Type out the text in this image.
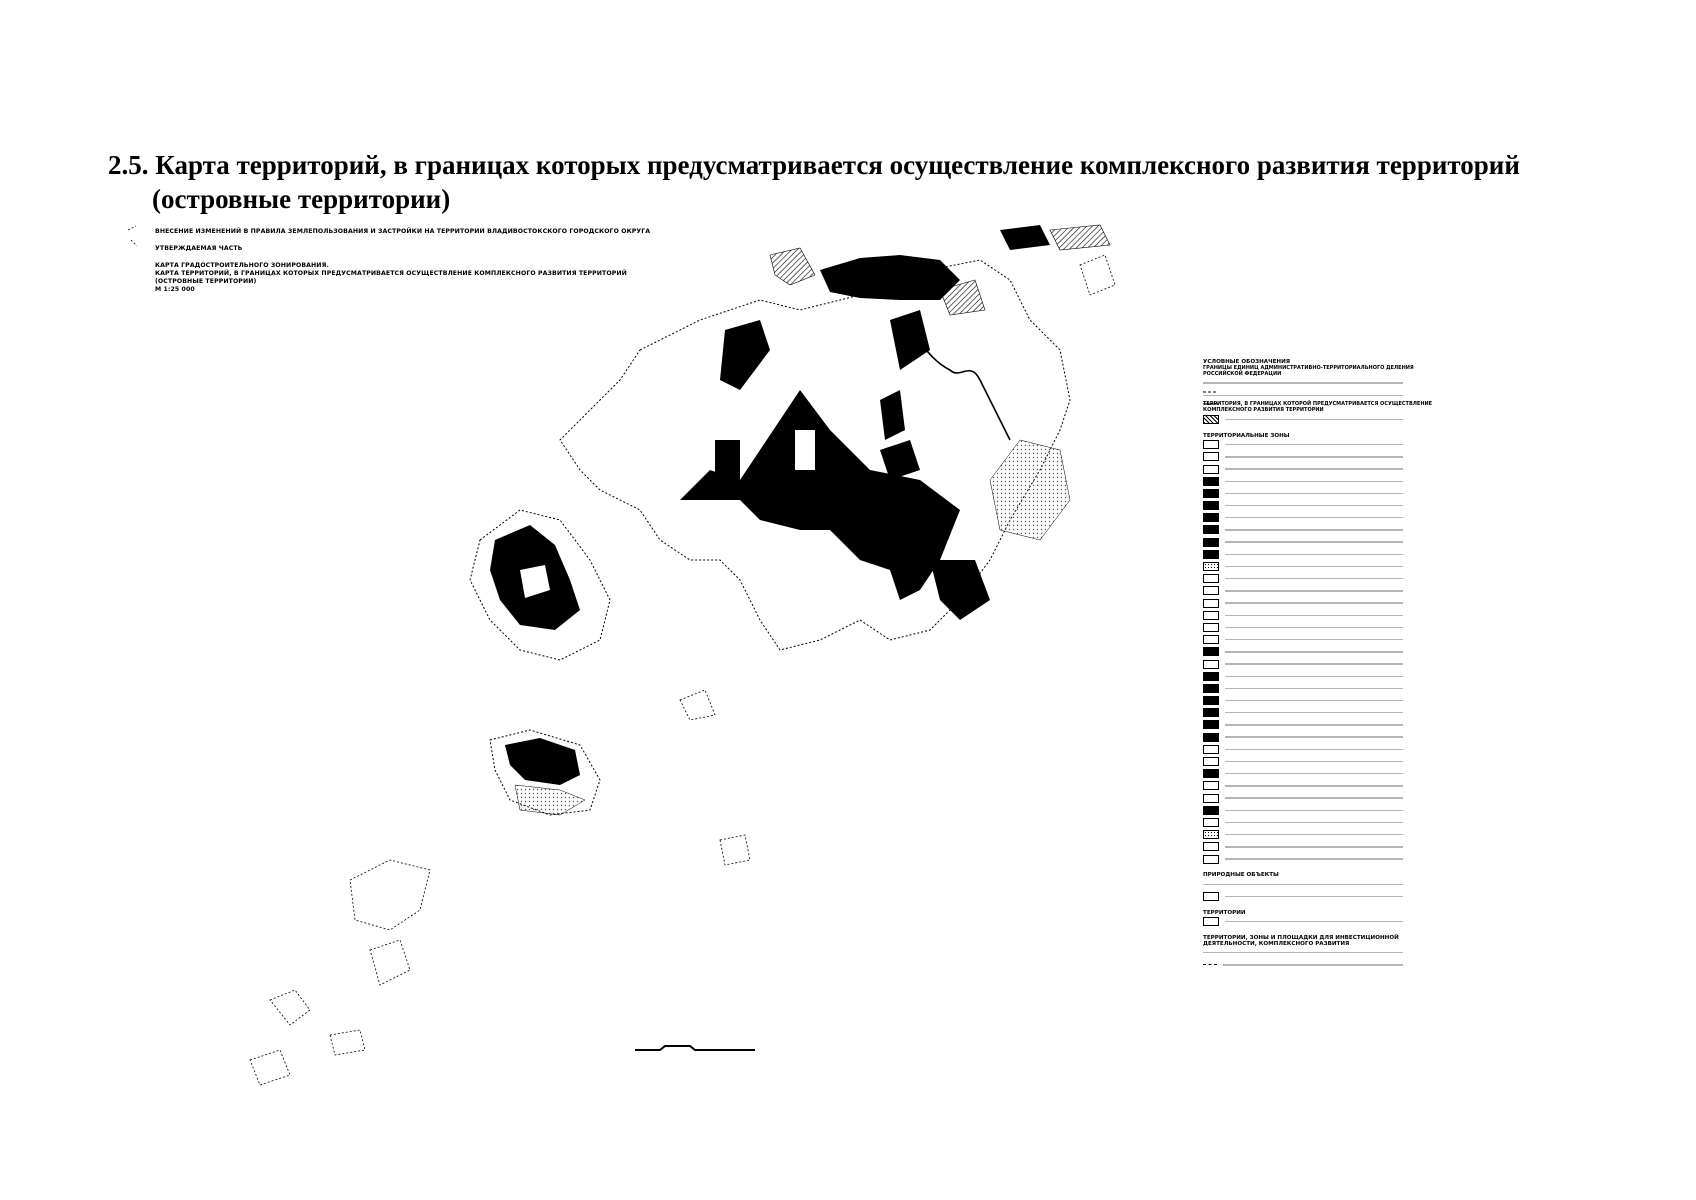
2.5. Карта территорий, в границах которых предусматривается осуществление комплексного развития территорий
(островные территории)
ВНЕСЕНИЕ ИЗМЕНЕНИЙ В ПРАВИЛА ЗЕМЛЕПОЛЬЗОВАНИЯ И ЗАСТРОЙКИ НА ТЕРРИТОРИИ ВЛАДИВОСТОКСКОГО ГОРОДСКОГО ОКРУГА
УТВЕРЖДАЕМАЯ ЧАСТЬ
КАРТА ГРАДОСТРОИТЕЛЬНОГО ЗОНИРОВАНИЯ.
КАРТА ТЕРРИТОРИЙ, В ГРАНИЦАХ КОТОРЫХ ПРЕДУСМАТРИВАЕТСЯ ОСУЩЕСТВЛЕНИЕ КОМПЛЕКСНОГО РАЗВИТИЯ ТЕРРИТОРИЙ
(ОСТРОВНЫЕ ТЕРРИТОРИИ)
М 1:25 000
УСЛОВНЫЕ ОБОЗНАЧЕНИЯ
ГРАНИЦЫ ЕДИНИЦ АДМИНИСТРАТИВНО-ТЕРРИТОРИАЛЬНОГО ДЕЛЕНИЯ РОССИЙСКОЙ ФЕДЕРАЦИИ
ТЕРРИТОРИЯ, В ГРАНИЦАХ КОТОРОЙ ПРЕДУСМАТРИВАЕТСЯ ОСУЩЕСТВЛЕНИЕ КОМПЛЕКСНОГО РАЗВИТИЯ ТЕРРИТОРИИ
ТЕРРИТОРИАЛЬНЫЕ ЗОНЫ
ПРИРОДНЫЕ ОБЪЕКТЫ
ТЕРРИТОРИИ
ТЕРРИТОРИИ, ЗОНЫ И ПЛОЩАДКИ ДЛЯ ИНВЕСТИЦИОННОЙ ДЕЯТЕЛЬНОСТИ, КОМПЛЕКСНОГО РАЗВИТИЯ
